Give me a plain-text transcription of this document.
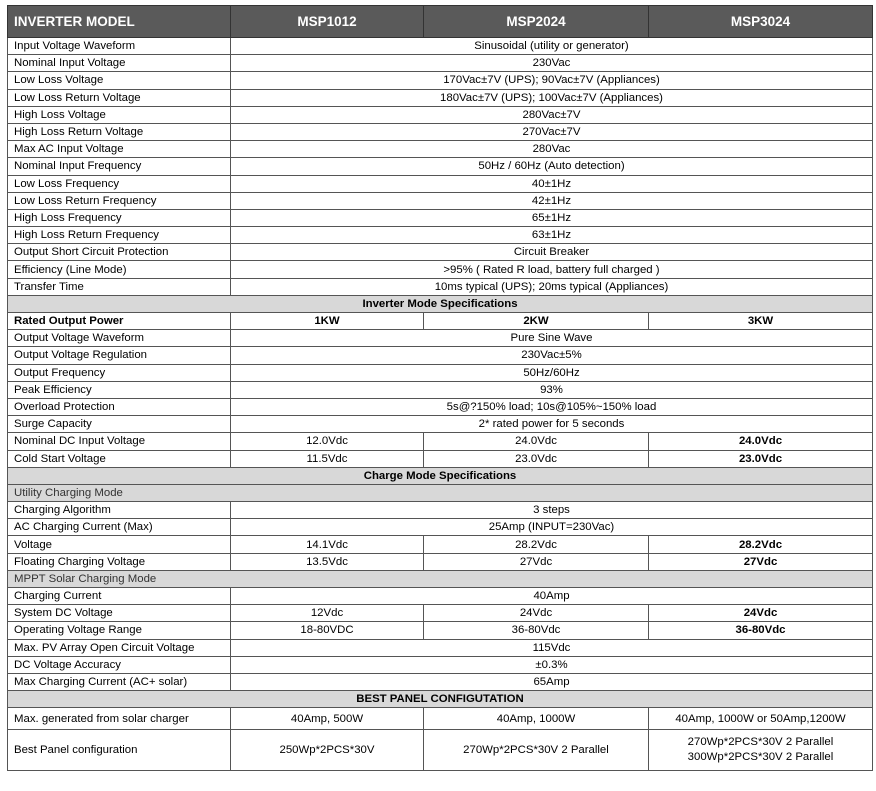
INVERTER MODEL	MSP1012	MSP2024	MSP3024
Input Voltage Waveform	Sinusoidal (utility or generator)		
Nominal Input Voltage	230Vac		
Low Loss Voltage	170Vac±7V (UPS); 90Vac±7V (Appliances)		
Low Loss Return Voltage	180Vac±7V (UPS); 100Vac±7V (Appliances)		
High Loss Voltage	280Vac±7V		
High Loss Return Voltage	270Vac±7V		
Max AC Input Voltage	280Vac		
Nominal Input Frequency	50Hz / 60Hz (Auto detection)		
Low Loss Frequency	40±1Hz		
Low Loss Return Frequency	42±1Hz		
High Loss Frequency	65±1Hz		
High Loss Return Frequency	63±1Hz		
Output Short Circuit Protection	Circuit Breaker		
Efficiency (Line Mode)	>95% ( Rated R load, battery full charged )		
Transfer Time	10ms typical (UPS); 20ms typical (Appliances)		
Inverter Mode Specifications			
Rated Output Power	1KW	2KW	3KW
Output Voltage Waveform	Pure Sine Wave		
Output Voltage Regulation	230Vac±5%		
Output Frequency	50Hz/60Hz		
Peak Efficiency	93%		
Overload Protection	5s@?150% load; 10s@105%~150% load		
Surge Capacity	2* rated power for 5 seconds		
Nominal DC Input Voltage	12.0Vdc	24.0Vdc	24.0Vdc
Cold Start Voltage	11.5Vdc	23.0Vdc	23.0Vdc
Charge Mode Specifications			
Utility Charging Mode			
Charging Algorithm	3 steps		
AC Charging Current (Max)	25Amp (INPUT=230Vac)		
Voltage	14.1Vdc	28.2Vdc	28.2Vdc
Floating Charging Voltage	13.5Vdc	27Vdc	27Vdc
MPPT Solar Charging Mode			
Charging Current	40Amp		
System DC Voltage	12Vdc	24Vdc	24Vdc
Operating Voltage Range	18-80VDC	36-80Vdc	36-80Vdc
Max. PV Array Open Circuit Voltage	115Vdc		
DC Voltage Accuracy	±0.3%		
Max Charging Current (AC+ solar)	65Amp		
BEST PANEL CONFIGUTATION			
Max. generated from solar charger	40Amp, 500W	40Amp, 1000W	40Amp, 1000W or 50Amp,1200W
Best Panel configuration	250Wp*2PCS*30V	270Wp*2PCS*30V 2 Parallel	270Wp*2PCS*30V 2 Parallel
300Wp*2PCS*30V 2 Parallel
